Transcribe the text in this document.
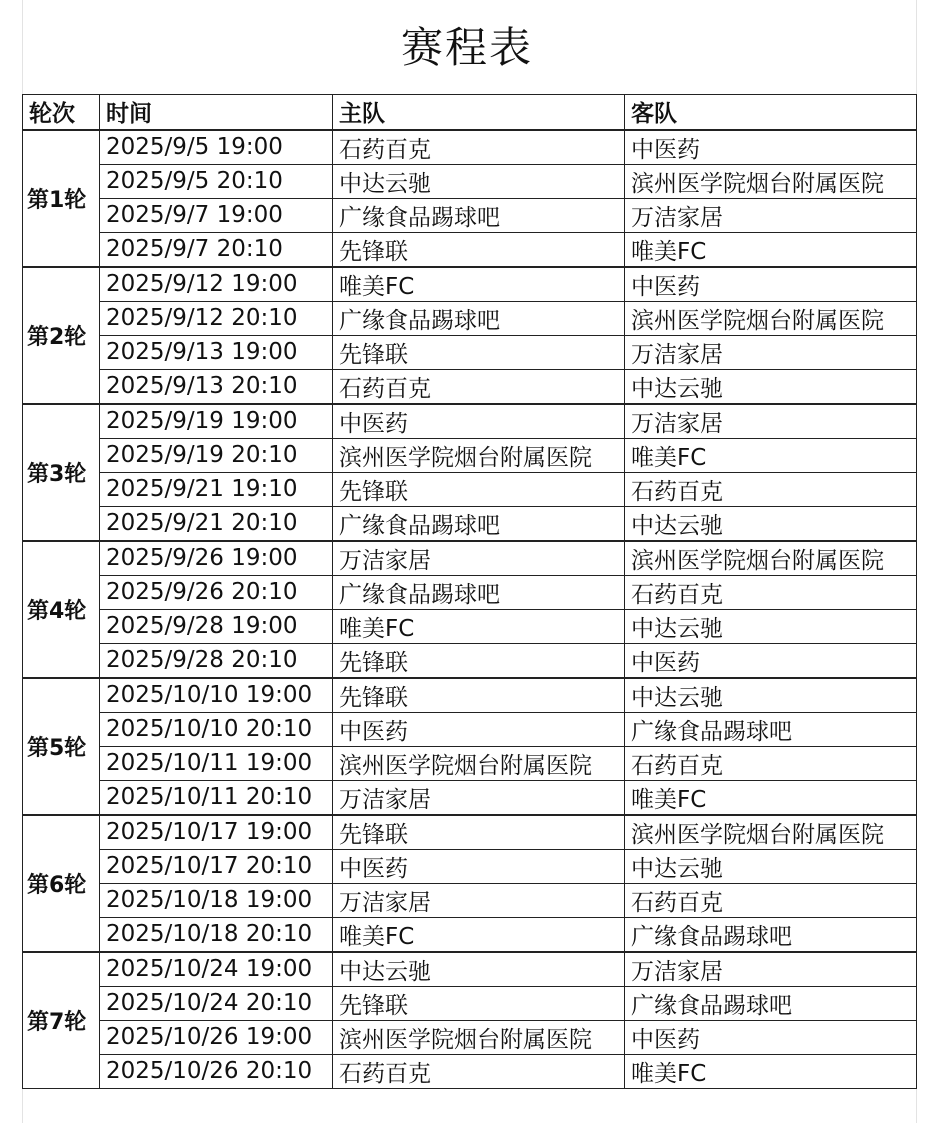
赛程表
轮次	时间	主队	客队
第1轮	2025/9/5 19:00	石药百克	中医药
	2025/9/5 20:10	中达云驰	滨州医学院烟台附属医院
	2025/9/7 19:00	广缘食品踢球吧	万洁家居
	2025/9/7 20:10	先锋联	唯美FC
第2轮	2025/9/12 19:00	唯美FC	中医药
	2025/9/12 20:10	广缘食品踢球吧	滨州医学院烟台附属医院
	2025/9/13 19:00	先锋联	万洁家居
	2025/9/13 20:10	石药百克	中达云驰
第3轮	2025/9/19 19:00	中医药	万洁家居
	2025/9/19 20:10	滨州医学院烟台附属医院	唯美FC
	2025/9/21 19:10	先锋联	石药百克
	2025/9/21 20:10	广缘食品踢球吧	中达云驰
第4轮	2025/9/26 19:00	万洁家居	滨州医学院烟台附属医院
	2025/9/26 20:10	广缘食品踢球吧	石药百克
	2025/9/28 19:00	唯美FC	中达云驰
	2025/9/28 20:10	先锋联	中医药
第5轮	2025/10/10 19:00	先锋联	中达云驰
	2025/10/10 20:10	中医药	广缘食品踢球吧
	2025/10/11 19:00	滨州医学院烟台附属医院	石药百克
	2025/10/11 20:10	万洁家居	唯美FC
第6轮	2025/10/17 19:00	先锋联	滨州医学院烟台附属医院
	2025/10/17 20:10	中医药	中达云驰
	2025/10/18 19:00	万洁家居	石药百克
	2025/10/18 20:10	唯美FC	广缘食品踢球吧
第7轮	2025/10/24 19:00	中达云驰	万洁家居
	2025/10/24 20:10	先锋联	广缘食品踢球吧
	2025/10/26 19:00	滨州医学院烟台附属医院	中医药
	2025/10/26 20:10	石药百克	唯美FC
